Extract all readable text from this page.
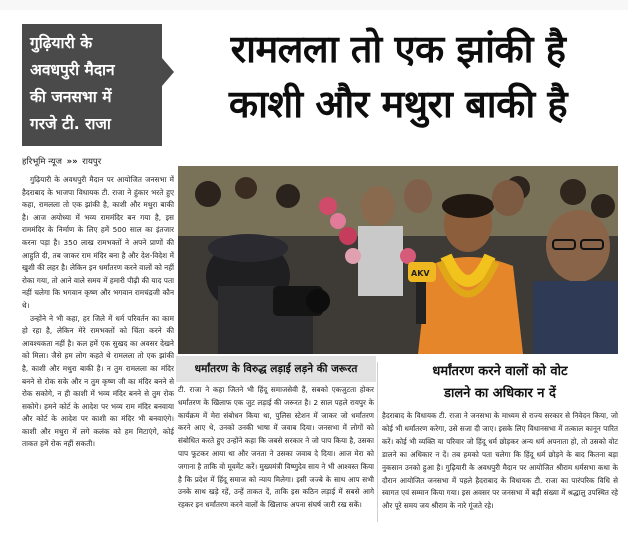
गुढ़ियारी के
अवधपुरी मैदान
की जनसभा में
गरजे टी. राजा
रामलला तो एक झांकी है
काशी और मथुरा बाकी है
हरिभूमि न्यूज »» रायपुर

गुढ़ियारी के अवधपुरी मैदान पर आयोजित जनसभा में हैदराबाद के भाजपा विधायक टी. राजा ने हुंकार भरते हुए कहा, रामलला तो एक झांकी है, काशी और मथुरा बाकी है। आज अयोध्या में भव्य राममंदिर बन गया है, इस राममंदिर के निर्माण के लिए हमें 500 साल का इंतजार करना पड़ा है। 350 लाख रामभक्तों ने अपने प्राणों की आहुति दी, तब जाकर राम मंदिर बना है और देश-विदेश में खुशी की लहर है। लेकिन इन धर्मांतरण करने वालों को नहीं रोका गया, तो आने वाले समय में हमारी पीढ़ी की याद पता नहीं चलेगा कि भगवान कृष्ण और भगवान रामचंद्रजी कौन थे।

उन्होंने ने भी कहा, हर जिले में धर्म परिवर्तन का काम हो रहा है, लेकिन मेरे रामभक्तों को चिंता करने की आवश्यकता नहीं है। कल हमें एक सुखद का अवसर देखने को मिला। जैसे हम लोग कहते थे रामलला तो एक झांकी है, काशी और मथुरा बाकी है। न तुम रामलला का मंदिर बनने से रोक सके और न तुम कृष्ण जी का मंदिर बनने से रोक सकोगे, न ही काशी में भव्य मंदिर बनने से तुम रोक सकोगे। हमने कोर्ट के आदेश पर भव्य राम मंदिर बनवाया और कोर्ट के आदेश पर काशी का मंदिर भी बनवाएंगे। काशी और मथुरा में लगे कलंक को हम मिटाएंगे, कोई ताकत हमें रोक नहीं सकती।

AKV
धर्मांतरण के विरुद्ध लड़ाई लड़ने की जरूरत
टी. राजा ने कहा जितने भी हिंदू समाजसेवी हैं, सबको एकजुटता होकर धर्मांतरण के खिलाफ एक जुट लड़ाई की जरूरत है। 2 साल पहले रायपुर के कार्यक्रम में मेरा संबोधन किया था, पुलिस स्टेशन में जाकर जो धर्मांतरण करने आए थे, उनको उनकी भाषा में जवाब दिया। जनसभा में लोगों को संबोधित करते हुए उन्होंने कहा कि जबसे सरकार ने जो पाप किया है, उसका पाप फूटकर आया था और जनता ने उसका जवाब दे दिया। आज मेरा को जगाना है ताकि वो मूवमेंट करें। मुख्यमंत्री विष्णुदेव साय ने भी आश्वस्त किया है कि प्रदेश में हिंदू समाज को न्याय मिलेगा। इसी जज्बे के साथ आप सभी उनके साथ खड़े रहें, उन्हें ताकत दें, ताकि इस कठिन लड़ाई में सबसे आगे रहकर इन धर्मांतरण करने वालों के खिलाफ अपना संघर्ष जारी रख सकें।
धर्मांतरण करने वालों को वोट
डालने का अधिकार न दें
हैदराबाद के विधायक टी. राजा ने जनसभा के माध्यम से राज्य सरकार से निवेदन किया, जो कोई भी धर्मांतरण करेगा, उसे सजा दी जाए। इसके लिए विधानसभा में तत्काल कानून पारित करें। कोई भी व्यक्ति या परिवार जो हिंदू धर्म छोड़कर अन्य धर्म अपनाता हो, तो उसको वोट डालने का अधिकार न दें। तब हमको पता चलेगा कि हिंदू धर्म छोड़ने के बाद कितना बड़ा नुकसान उनको हुआ है। गुढ़ियारी के अवधपुरी मैदान पर आयोजित श्रीराम धर्मसभा कथा के दौरान आयोजित जनसभा में पहले हैदराबाद के विधायक टी. राजा का पारंपरिक विधि से स्वागत एवं सम्मान किया गया। इस अवसर पर जनसभा में बड़ी संख्या में श्रद्धालु उपस्थित रहे और पूरे समय जय श्रीराम के नारे गूंजते रहे।
